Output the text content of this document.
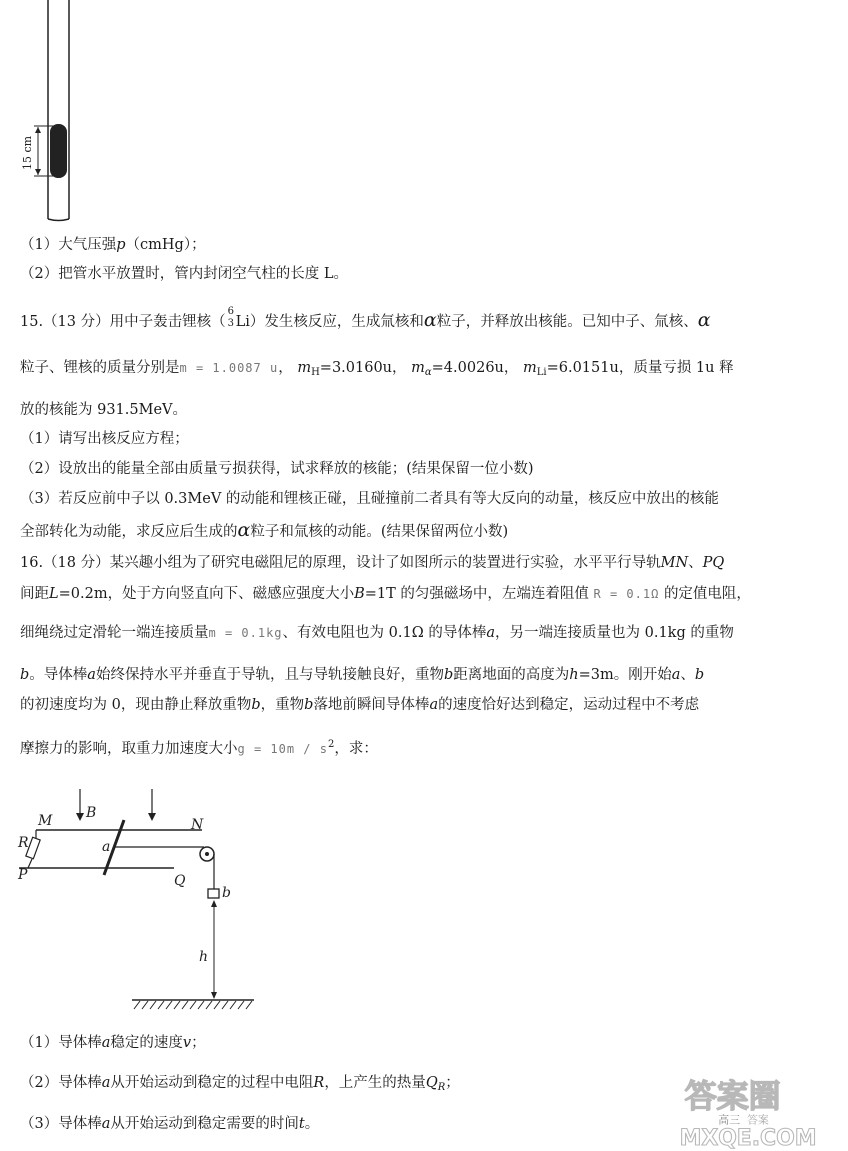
15 cm
（1）大气压强p（cmHg）；
（2）把管水平放置时，管内封闭空气柱的长度 L。
15.（13 分）用中子轰击锂核（
6
3 Li）发生核反应，生成氚核和α粒子，并释放出核能。已知中子、氚核、α
粒子、锂核的质量分别是m = 1.0087 u， $m_H=3.0160u$， $m_\alpha=4.0026u$， $m_{Li}=6.0151u$，质量亏损 1u 释
放的核能为 931.5MeV。
（1）请写出核反应方程；
（2）设放出的能量全部由质量亏损获得，试求释放的核能；(结果保留一位小数)
（3）若反应前中子以 0.3MeV 的动能和锂核正碰，且碰撞前二者具有等大反向的动量，核反应中放出的核能
全部转化为动能，求反应后生成的α粒子和氚核的动能。(结果保留两位小数)
16.（18 分）某兴趣小组为了研究电磁阻尼的原理，设计了如图所示的装置进行实验，水平平行导轨MN、PQ
间距L=0.2m，处于方向竖直向下、磁感应强度大小B=1T 的匀强磁场中，左端连着阻值 R = 0.1Ω 的定值电阻，
细绳绕过定滑轮一端连接质量m = 0.1kg、有效电阻也为 0.1Ω 的导体棒a，另一端连接质量也为 0.1kg 的重物
b。导体棒a始终保持水平并垂直于导轨，且与导轨接触良好，重物b距离地面的高度为h=3m。刚开始a、b
的初速度均为 0，现由静止释放重物b，重物b落地前瞬间导体棒a的速度恰好达到稳定，运动过程中不考虑
摩擦力的影响，取重力加速度大小$g = 10m / s^2$，求：
B
M	N
R	a
P	Q
b
h
（1）导体棒a稳定的速度v；
（2）导体棒a从开始运动到稳定的过程中电阻R，上产生的热量$Q_R$；
（3）导体棒a从开始运动到稳定需要的时间t。
答案圈
高三 答案
MXQE.COM
